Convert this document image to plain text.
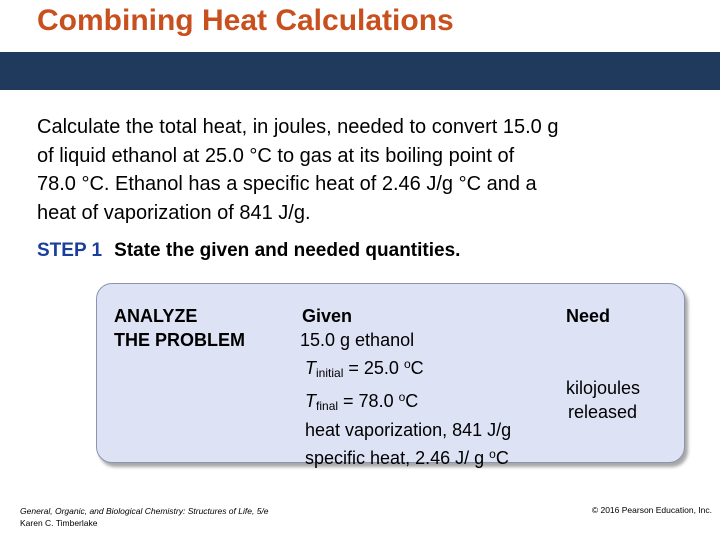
Combining Heat Calculations
Calculate the total heat, in joules, needed to convert 15.0 g
of liquid ethanol at 25.0 °C to gas at its boiling point of
78.0 °C. Ethanol has a specific heat of 2.46 J/g °C and a
heat of vaporization of 841 J/g.
STEP 1 State the given and needed quantities.
ANALYZE
THE PROBLEM
Given
15.0 g ethanol
$T_{initial} = 25.0$ $^o$C
$T_{final} = 78.0$ $^o$C
heat vaporization, 841 J/g
specific heat, 2.46 J/ g $^o$C
Need
kilojoules
released
General, Organic, and Biological Chemistry: Structures of Life, 5/e
Karen C. Timberlake
© 2016 Pearson Education, Inc.
